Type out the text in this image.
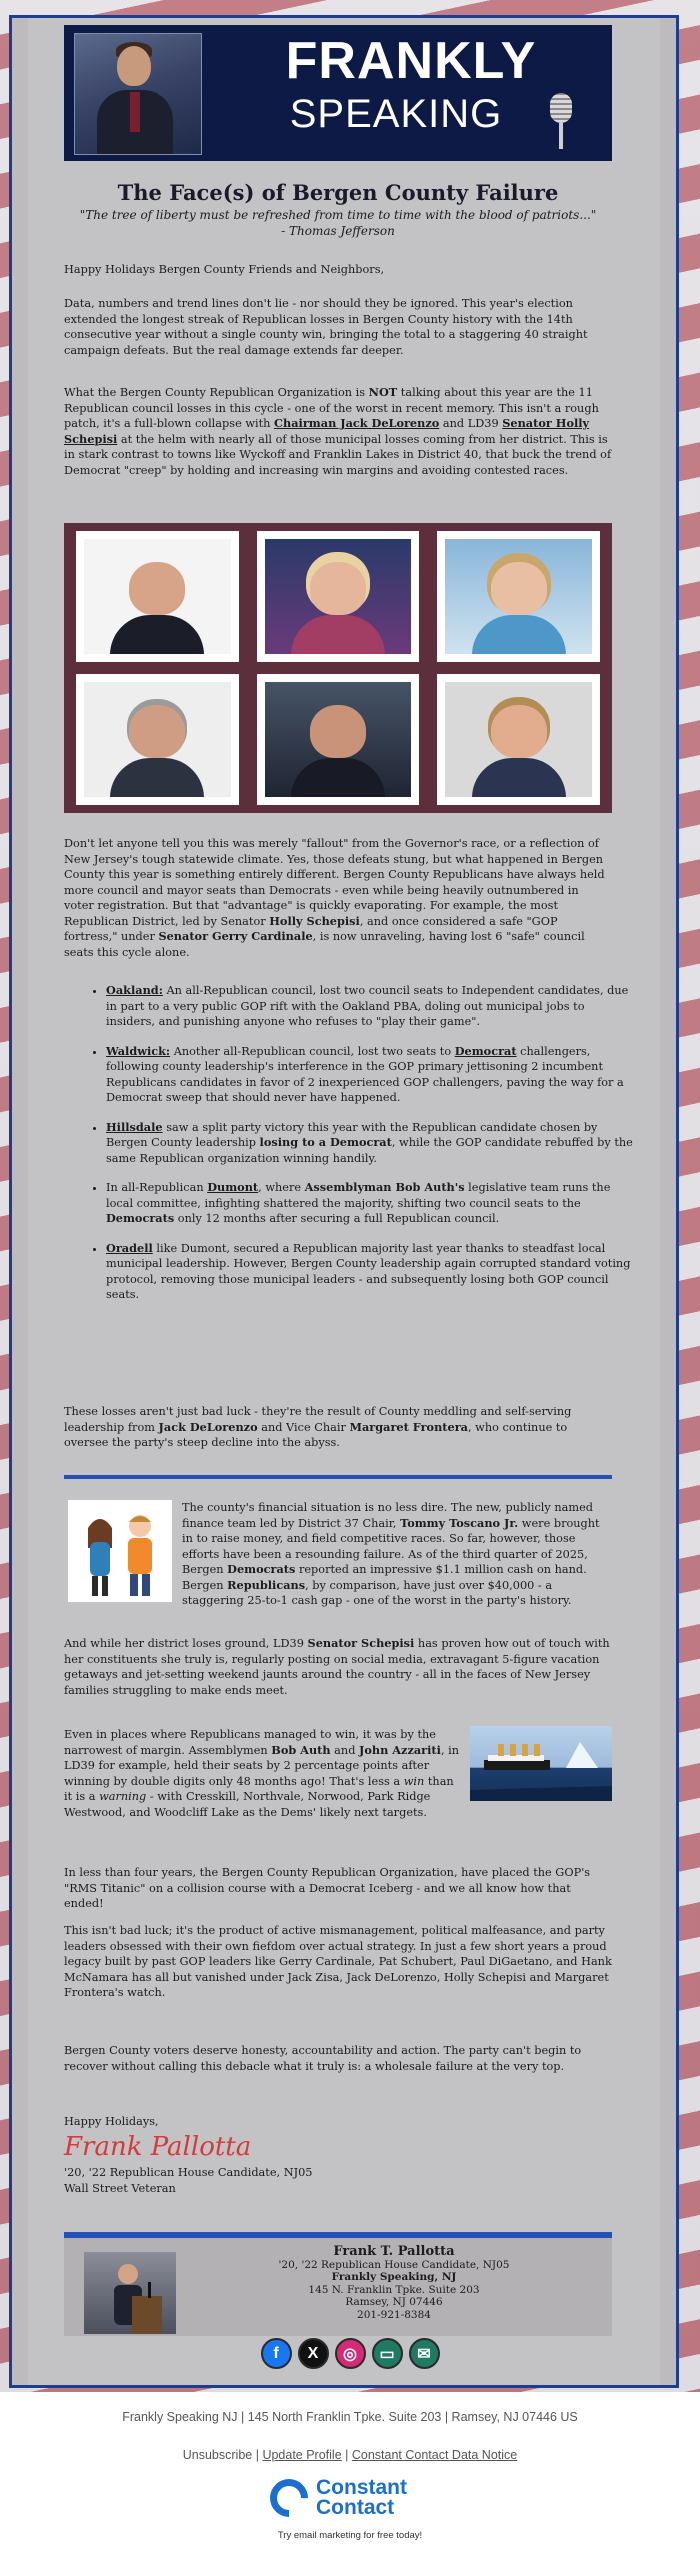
FRANKLY
SPEAKING
The Face(s) of Bergen County Failure
"The tree of liberty must be refreshed from time to time with the blood of patriots..."
- Thomas Jefferson

Happy Holidays Bergen County Friends and Neighbors,

Data, numbers and trend lines don't lie - nor should they be ignored. This year's election extended the longest streak of Republican losses in Bergen County history with the 14th consecutive year without a single county win, bringing the total to a staggering 40 straight campaign defeats. But the real damage extends far deeper.

What the Bergen County Republican Organization is NOT talking about this year are the 11 Republican council losses in this cycle - one of the worst in recent memory. This isn't a rough patch, it's a full-blown collapse with Chairman Jack DeLorenzo and LD39 Senator Holly Schepisi at the helm with nearly all of those municipal losses coming from her district. This is in stark contrast to towns like Wyckoff and Franklin Lakes in District 40, that buck the trend of Democrat "creep" by holding and increasing win margins and avoiding contested races.

Don't let anyone tell you this was merely "fallout" from the Governor's race, or a reflection of New Jersey's tough statewide climate. Yes, those defeats stung, but what happened in Bergen County this year is something entirely different. Bergen County Republicans have always held more council and mayor seats than Democrats - even while being heavily outnumbered in voter registration. But that "advantage" is quickly evaporating. For example, the most Republican District, led by Senator Holly Schepisi, and once considered a safe "GOP fortress," under Senator Gerry Cardinale, is now unraveling, having lost 6 "safe" council seats this cycle alone.

• Oakland: An all-Republican council, lost two council seats to Independent candidates, due in part to a very public GOP rift with the Oakland PBA, doling out municipal jobs to insiders, and punishing anyone who refuses to "play their game".
• Waldwick: Another all-Republican council, lost two seats to Democrat challengers, following county leadership's interference in the GOP primary jettisoning 2 incumbent Republicans candidates in favor of 2 inexperienced GOP challengers, paving the way for a Democrat sweep that should never have happened.
• Hillsdale saw a split party victory this year with the Republican candidate chosen by Bergen County leadership losing to a Democrat, while the GOP candidate rebuffed by the same Republican organization winning handily.
• In all-Republican Dumont, where Assemblyman Bob Auth's legislative team runs the local committee, infighting shattered the majority, shifting two council seats to the Democrats only 12 months after securing a full Republican council.
• Oradell like Dumont, secured a Republican majority last year thanks to steadfast local municipal leadership. However, Bergen County leadership again corrupted standard voting protocol, removing those municipal leaders - and subsequently losing both GOP council seats.

These losses aren't just bad luck - they're the result of County meddling and self-serving leadership from Jack DeLorenzo and Vice Chair Margaret Frontera, who continue to oversee the party's steep decline into the abyss.

The county's financial situation is no less dire. The new, publicly named finance team led by District 37 Chair, Tommy Toscano Jr. were brought in to raise money, and field competitive races. So far, however, those efforts have been a resounding failure. As of the third quarter of 2025, Bergen Democrats reported an impressive $1.1 million cash on hand. Bergen Republicans, by comparison, have just over $40,000 - a staggering 25-to-1 cash gap - one of the worst in the party's history.

And while her district loses ground, LD39 Senator Schepisi has proven how out of touch with her constituents she truly is, regularly posting on social media, extravagant 5-figure vacation getaways and jet-setting weekend jaunts around the country - all in the faces of New Jersey families struggling to make ends meet.

Even in places where Republicans managed to win, it was by the narrowest of margin. Assemblymen Bob Auth and John Azzariti, in LD39 for example, held their seats by 2 percentage points after winning by double digits only 48 months ago! That's less a win than it is a warning - with Cresskill, Northvale, Norwood, Park Ridge Westwood, and Woodcliff Lake as the Dems' likely next targets.

In less than four years, the Bergen County Republican Organization, have placed the GOP's "RMS Titanic" on a collision course with a Democrat Iceberg - and we all know how that ended!

This isn't bad luck; it's the product of active mismanagement, political malfeasance, and party leaders obsessed with their own fiefdom over actual strategy. In just a few short years a proud legacy built by past GOP leaders like Gerry Cardinale, Pat Schubert, Paul DiGaetano, and Hank McNamara has all but vanished under Jack Zisa, Jack DeLorenzo, Holly Schepisi and Margaret Frontera's watch.

Bergen County voters deserve honesty, accountability and action. The party can't begin to recover without calling this debacle what it truly is: a wholesale failure at the very top.

Happy Holidays,

Frank Pallotta

'20, '22 Republican House Candidate, NJ05

Wall Street Veteran

Frank T. Pallotta
'20, '22 Republican House Candidate, NJ05
Frankly Speaking, NJ
145 N. Franklin Tpke. Suite 203
Ramsey, NJ 07446
201-921-8384
f	X	◎	▭	✉
Frankly Speaking NJ | 145 North Franklin Tpke. Suite 203 | Ramsey, NJ 07446 US
Unsubscribe | Update Profile | Constant Contact Data Notice
Constant
Contact
Try email marketing for free today!
